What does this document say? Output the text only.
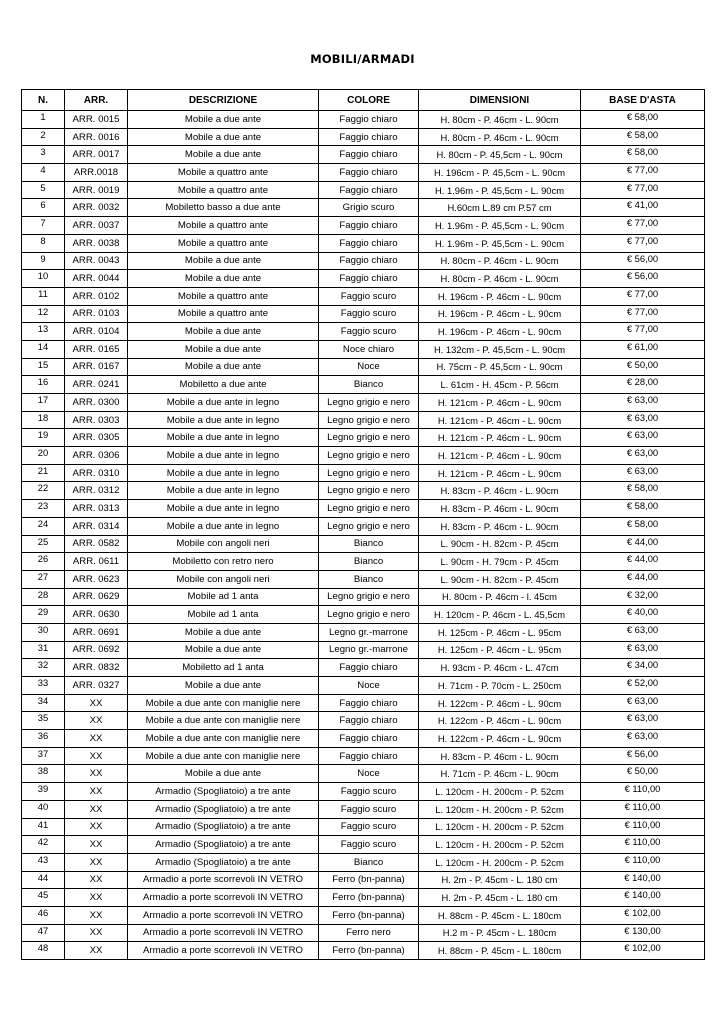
MOBILI/ARMADI
N.	ARR.	DESCRIZIONE	COLORE	DIMENSIONI	BASE D'ASTA
1	ARR. 0015	Mobile a due ante	Faggio chiaro	H. 80cm - P. 46cm - L. 90cm	€ 58,00
2	ARR. 0016	Mobile a due ante	Faggio chiaro	H. 80cm - P. 46cm - L. 90cm	€ 58,00
3	ARR. 0017	Mobile a due ante	Faggio chiaro	H. 80cm - P. 45,5cm - L. 90cm	€ 58,00
4	ARR.0018	Mobile a quattro ante	Faggio chiaro	H. 196cm - P. 45,5cm - L. 90cm	€ 77,00
5	ARR. 0019	Mobile a quattro ante	Faggio chiaro	H. 1.96m - P. 45,5cm - L. 90cm	€ 77,00
6	ARR. 0032	Mobiletto basso a due ante	Grigio scuro	H.60cm L.89 cm P.57 cm	€ 41,00
7	ARR. 0037	Mobile a quattro ante	Faggio chiaro	H. 1.96m - P. 45,5cm - L. 90cm	€ 77,00
8	ARR. 0038	Mobile a quattro ante	Faggio chiaro	H. 1.96m - P. 45,5cm - L. 90cm	€ 77,00
9	ARR. 0043	Mobile a due ante	Faggio chiaro	H. 80cm - P. 46cm - L. 90cm	€ 56,00
10	ARR. 0044	Mobile a due ante	Faggio chiaro	H. 80cm - P. 46cm - L. 90cm	€ 56,00
11	ARR. 0102	Mobile a quattro ante	Faggio scuro	H. 196cm - P. 46cm - L. 90cm	€ 77,00
12	ARR. 0103	Mobile a quattro ante	Faggio scuro	H. 196cm - P. 46cm - L. 90cm	€ 77,00
13	ARR. 0104	Mobile a due ante	Faggio scuro	H. 196cm - P. 46cm - L. 90cm	€ 77,00
14	ARR. 0165	Mobile a due ante	Noce chiaro	H. 132cm - P. 45,5cm - L. 90cm	€ 61,00
15	ARR. 0167	Mobile a due ante	Noce	H. 75cm - P. 45,5cm - L. 90cm	€ 50,00
16	ARR. 0241	Mobiletto a due ante	Bianco	L. 61cm - H. 45cm - P. 56cm	€ 28,00
17	ARR. 0300	Mobile a due ante in legno	Legno grigio e nero	H. 121cm - P. 46cm - L. 90cm	€ 63,00
18	ARR. 0303	Mobile a due ante in legno	Legno grigio e nero	H. 121cm - P. 46cm - L. 90cm	€ 63,00
19	ARR. 0305	Mobile a due ante in legno	Legno grigio e nero	H. 121cm - P. 46cm - L. 90cm	€ 63,00
20	ARR. 0306	Mobile a due ante in legno	Legno grigio e nero	H. 121cm - P. 46cm - L. 90cm	€ 63,00
21	ARR. 0310	Mobile a due ante in legno	Legno grigio e nero	H. 121cm - P. 46cm - L. 90cm	€ 63,00
22	ARR. 0312	Mobile a due ante in legno	Legno grigio e nero	H. 83cm - P. 46cm - L. 90cm	€ 58,00
23	ARR. 0313	Mobile a due ante in legno	Legno grigio e nero	H. 83cm - P. 46cm - L. 90cm	€ 58,00
24	ARR. 0314	Mobile a due ante in legno	Legno grigio e nero	H. 83cm - P. 46cm - L. 90cm	€ 58,00
25	ARR. 0582	Mobile con angoli neri	Bianco	L. 90cm - H. 82cm - P. 45cm	€ 44,00
26	ARR. 0611	Mobiletto con retro nero	Bianco	L. 90cm - H. 79cm - P. 45cm	€ 44,00
27	ARR. 0623	Mobile con angoli neri	Bianco	L. 90cm - H. 82cm - P. 45cm	€ 44,00
28	ARR. 0629	Mobile ad 1 anta	Legno grigio e nero	H. 80cm - P. 46cm - l. 45cm	€ 32,00
29	ARR. 0630	Mobile ad 1 anta	Legno grigio e nero	H. 120cm - P. 46cm - L. 45,5cm	€ 40,00
30	ARR. 0691	Mobile a due ante	Legno gr.-marrone	H. 125cm - P. 46cm - L. 95cm	€ 63,00
31	ARR. 0692	Mobile a due ante	Legno gr.-marrone	H. 125cm - P. 46cm - L. 95cm	€ 63,00
32	ARR. 0832	Mobiletto ad 1 anta	Faggio chiaro	H. 93cm - P. 46cm - L. 47cm	€ 34,00
33	ARR. 0327	Mobile a due ante	Noce	H. 71cm - P. 70cm - L. 250cm	€ 52,00
34	XX	Mobile a due ante con maniglie nere	Faggio chiaro	H. 122cm - P. 46cm - L. 90cm	€ 63,00
35	XX	Mobile a due ante con maniglie nere	Faggio chiaro	H. 122cm - P. 46cm - L. 90cm	€ 63,00
36	XX	Mobile a due ante con maniglie nere	Faggio chiaro	H. 122cm - P. 46cm - L. 90cm	€ 63,00
37	XX	Mobile a due ante con maniglie nere	Faggio chiaro	H. 83cm - P. 46cm - L. 90cm	€ 56,00
38	XX	Mobile a due ante	Noce	H. 71cm - P. 46cm - L. 90cm	€ 50,00
39	XX	Armadio (Spogliatoio) a tre ante	Faggio scuro	L. 120cm - H. 200cm - P. 52cm	€ 110,00
40	XX	Armadio (Spogliatoio) a tre ante	Faggio scuro	L. 120cm - H. 200cm - P. 52cm	€ 110,00
41	XX	Armadio (Spogliatoio) a tre ante	Faggio scuro	L. 120cm - H. 200cm - P. 52cm	€ 110,00
42	XX	Armadio (Spogliatoio) a tre ante	Faggio scuro	L. 120cm - H. 200cm - P. 52cm	€ 110,00
43	XX	Armadio (Spogliatoio) a tre ante	Bianco	L. 120cm - H. 200cm - P. 52cm	€ 110,00
44	XX	Armadio a porte scorrevoli IN VETRO	Ferro (bn-panna)	H. 2m - P. 45cm - L. 180 cm	€ 140,00
45	XX	Armadio a porte scorrevoli IN VETRO	Ferro (bn-panna)	H. 2m - P. 45cm - L. 180 cm	€ 140,00
46	XX	Armadio a porte scorrevoli IN VETRO	Ferro (bn-panna)	H. 88cm - P. 45cm - L. 180cm	€ 102,00
47	XX	Armadio a porte scorrevoli IN VETRO	Ferro nero	H.2 m - P. 45cm - L. 180cm	€ 130,00
48	XX	Armadio a porte scorrevoli IN VETRO	Ferro (bn-panna)	H. 88cm - P. 45cm - L. 180cm	€ 102,00
